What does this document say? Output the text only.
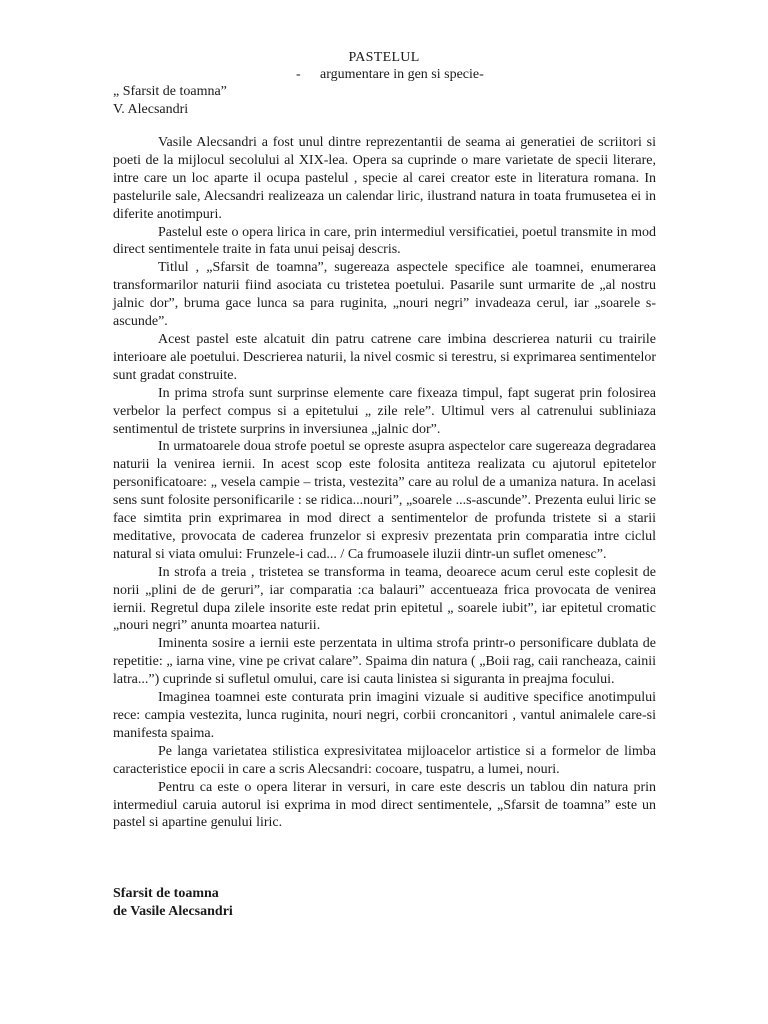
PASTELUL
- argumentare in gen si specie-
„ Sfarsit de toamna”
V. Alecsandri

Vasile Alecsandri a fost unul dintre reprezentantii de seama ai generatiei de scriitori si poeti de la mijlocul secolului al XIX-lea. Opera sa cuprinde o mare varietate de specii literare, intre care un loc aparte il ocupa pastelul , specie al carei creator este in literatura romana. In pastelurile sale, Alecsandri realizeaza un calendar liric, ilustrand natura in toata frumusetea ei in diferite anotimpuri.

Pastelul este o opera lirica in care, prin intermediul versificatiei, poetul transmite in mod direct sentimentele traite in fata unui peisaj descris.

Titlul , „Sfarsit de toamna”, sugereaza aspectele specifice ale toamnei, enumerarea transformarilor naturii fiind asociata cu tristetea poetului. Pasarile sunt urmarite de „al nostru jalnic dor”, bruma gace lunca sa para ruginita, „nouri negri” invadeaza cerul, iar „soarele s-ascunde”.

Acest pastel este alcatuit din patru catrene care imbina descrierea naturii cu trairile interioare ale poetului. Descrierea naturii, la nivel cosmic si terestru, si exprimarea sentimentelor sunt gradat construite.

In prima strofa sunt surprinse elemente care fixeaza timpul, fapt sugerat prin folosirea verbelor la perfect compus si a epitetului „ zile rele”. Ultimul vers al catrenului subliniaza sentimentul de tristete surprins in inversiunea „jalnic dor”.

In urmatoarele doua strofe poetul se opreste asupra aspectelor care sugereaza degradarea naturii la venirea iernii. In acest scop este folosita antiteza realizata cu ajutorul epitetelor personificatoare: „ vesela campie – trista, vestezita” care au rolul de a umaniza natura. In acelasi sens sunt folosite personificarile : se ridica...nouri”, „soarele ...s-ascunde”. Prezenta eului liric se face simtita prin exprimarea in mod direct a sentimentelor de profunda tristete si a starii meditative, provocata de caderea frunzelor si expresiv prezentata prin comparatia intre ciclul natural si viata omului: Frunzele-i cad... / Ca frumoasele iluzii dintr-un suflet omenesc”.

In strofa a treia , tristetea se transforma in teama, deoarece acum cerul este coplesit de norii „plini de de geruri”, iar comparatia :ca balauri” accentueaza frica provocata de venirea iernii. Regretul dupa zilele insorite este redat prin epitetul „ soarele iubit”, iar epitetul cromatic „nouri negri” anunta moartea naturii.

Iminenta sosire a iernii este perzentata in ultima strofa printr-o personificare dublata de repetitie: „ iarna vine, vine pe crivat calare”. Spaima din natura ( „Boii rag, caii rancheaza, cainii latra...”) cuprinde si sufletul omului, care isi cauta linistea si siguranta in preajma focului.

Imaginea toamnei este conturata prin imagini vizuale si auditive specifice anotimpului rece: campia vestezita, lunca ruginita, nouri negri, corbii croncanitori , vantul animalele care-si manifesta spaima.

Pe langa varietatea stilistica expresivitatea mijloacelor artistice si a formelor de limba caracteristice epocii in care a scris Alecsandri: cocoare, tuspatru, a lumei, nouri.

Pentru ca este o opera literar in versuri, in care este descris un tablou din natura prin intermediul caruia autorul isi exprima in mod direct sentimentele, „Sfarsit de toamna” este un pastel si apartine genului liric.

Sfarsit de toamna
de Vasile Alecsandri
